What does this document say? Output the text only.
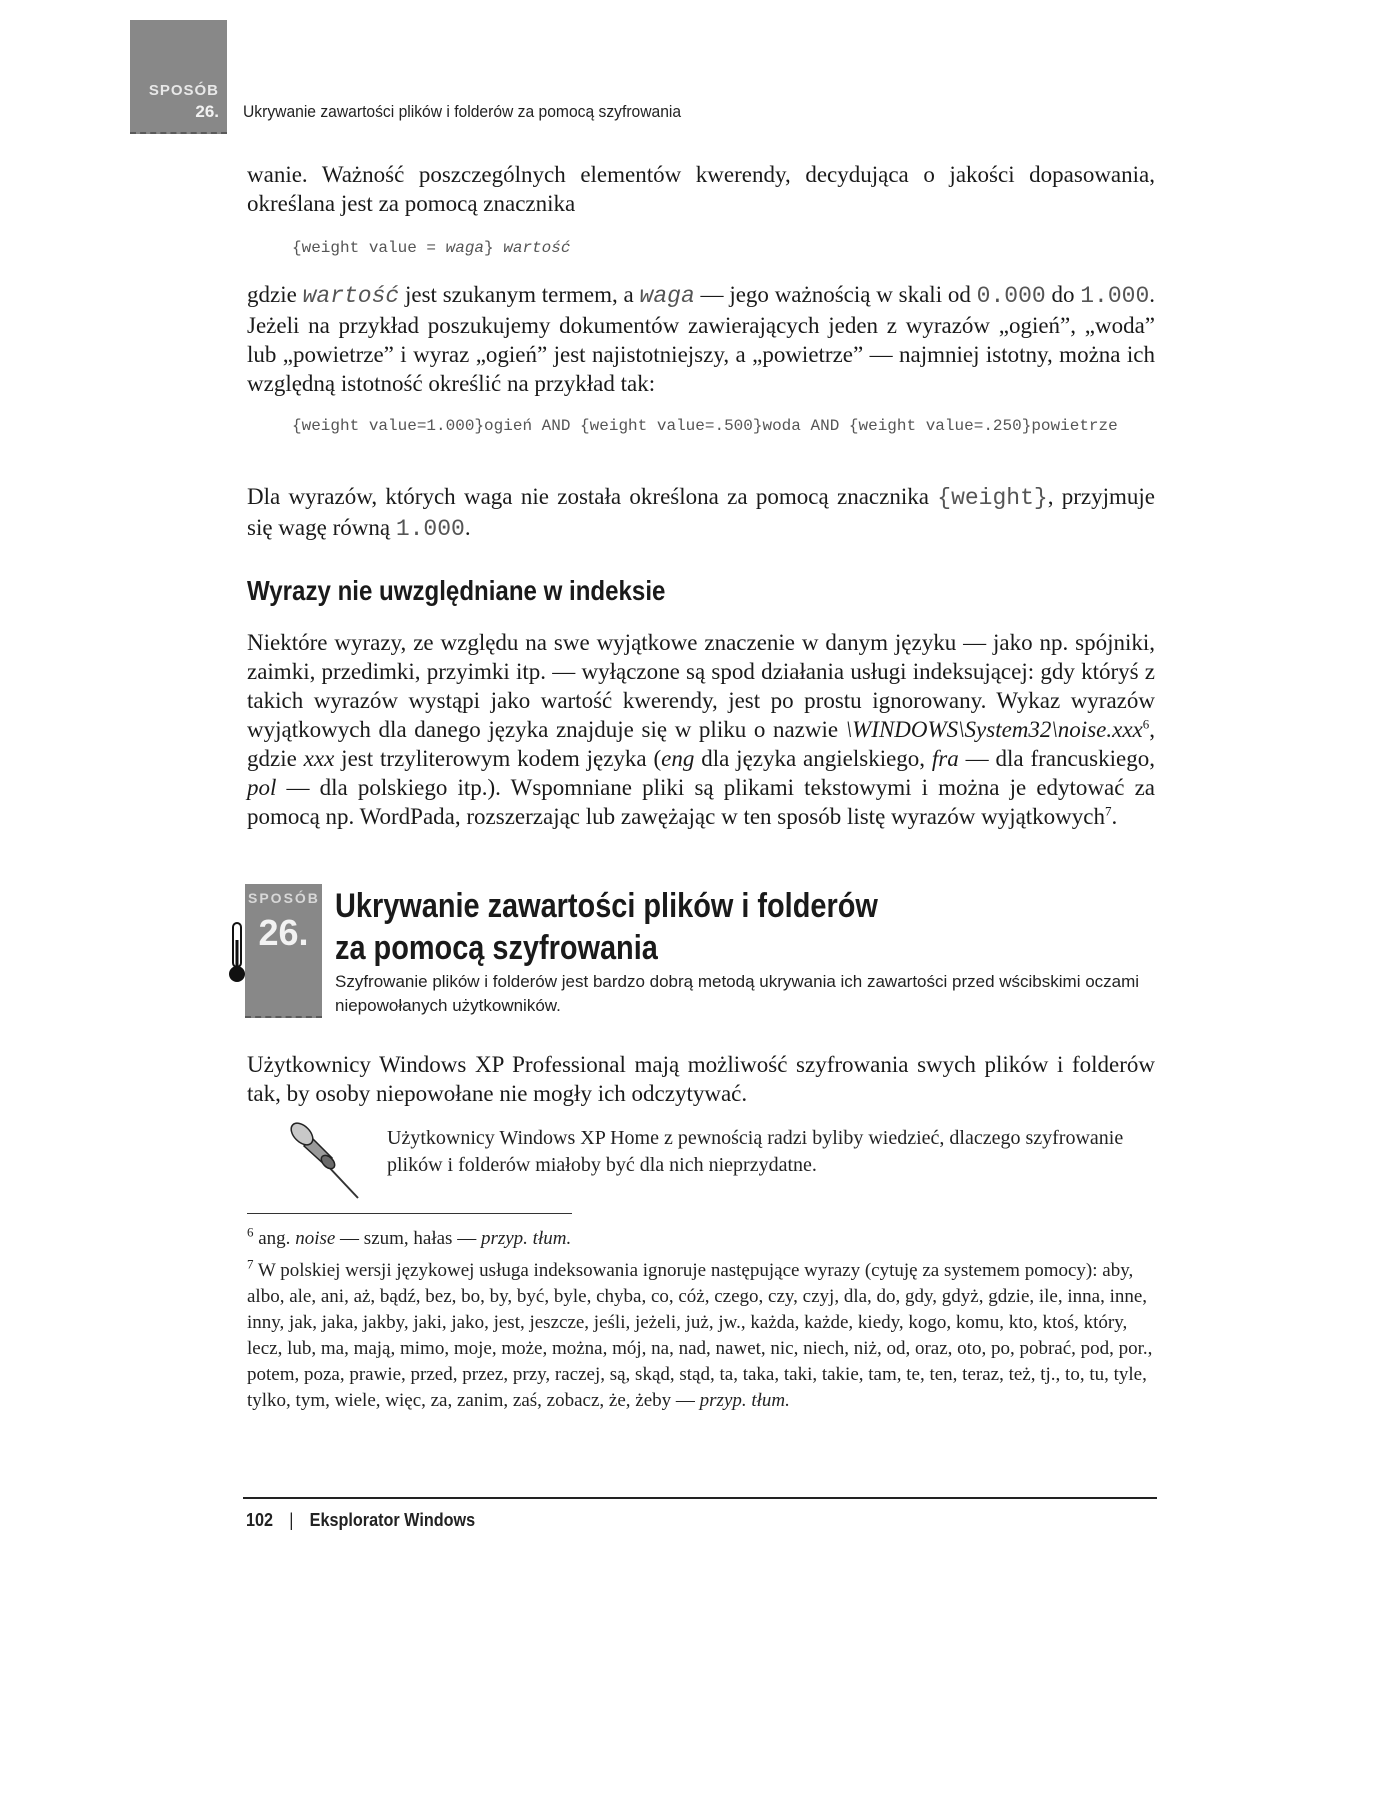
SPOSÓB
26. Ukrywanie zawartości plików i folderów za pomocą szyfrowania

wanie. Ważność poszczególnych elementów kwerendy, decydująca o jakości dopasowania, określana jest za pomocą znacznika

{weight value = waga} wartość

gdzie wartość jest szukanym termem, a waga — jego ważnością w skali od 0.000 do 1.000. Jeżeli na przykład poszukujemy dokumentów zawierających jeden z wyrazów „ogień”, „woda” lub „powietrze” i wyraz „ogień” jest najistotniejszy, a „powietrze” — najmniej istotny, można ich względną istotność określić na przykład tak:

{weight value=1.000}ogień AND {weight value=.500}woda AND {weight value=.250}powietrze

Dla wyrazów, których waga nie została określona za pomocą znacznika {weight}, przyjmuje się wagę równą 1.000.

Wyrazy nie uwzględniane w indeksie

Niektóre wyrazy, ze względu na swe wyjątkowe znaczenie w danym języku — jako np. spójniki, zaimki, przedimki, przyimki itp. — wyłączone są spod działania usługi indeksującej: gdy któryś z takich wyrazów wystąpi jako wartość kwerendy, jest po prostu ignorowany. Wykaz wyrazów wyjątkowych dla danego języka znajduje się w pliku o nazwie \WINDOWS\System32\noise.xxx$^6$, gdzie xxx jest trzyliterowym kodem języka (eng dla języka angielskiego, fra — dla francuskiego, pol — dla polskiego itp.). Wspomniane pliki są plikami tekstowymi i można je edytować za pomocą np. WordPada, rozszerzając lub zawężając w ten sposób listę wyrazów wyjątkowych$^7$.

SPOSÓB
26.
Ukrywanie zawartości plików i folderów
za pomocą szyfrowania

Szyfrowanie plików i folderów jest bardzo dobrą metodą ukrywania ich zawartości przed wścibskimi oczami niepowołanych użytkowników.

Użytkownicy Windows XP Professional mają możliwość szyfrowania swych plików i folderów tak, by osoby niepowołane nie mogły ich odczytywać.

Użytkownicy Windows XP Home z pewnością radzi byliby wiedzieć, dlaczego szyfrowanie plików i folderów miałoby być dla nich nieprzydatne.

$^6$ ang. noise — szum, hałas — przyp. tłum.

$^7$ W polskiej wersji językowej usługa indeksowania ignoruje następujące wyrazy (cytuję za systemem pomocy): aby, albo, ale, ani, aż, bądź, bez, bo, by, być, byle, chyba, co, cóż, czego, czy, czyj, dla, do, gdy, gdyż, gdzie, ile, inna, inne, inny, jak, jaka, jakby, jaki, jako, jest, jeszcze, jeśli, jeżeli, już, jw., każda, każde, kiedy, kogo, komu, kto, ktoś, który, lecz, lub, ma, mają, mimo, moje, może, można, mój, na, nad, nawet, nic, niech, niż, od, oraz, oto, po, pobrać, pod, por., potem, poza, prawie, przed, przez, przy, raczej, są, skąd, stąd, ta, taka, taki, takie, tam, te, ten, teraz, też, tj., to, tu, tyle, tylko, tym, wiele, więc, za, zanim, zaś, zobacz, że, żeby — przyp. tłum.

102 | Eksplorator Windows
